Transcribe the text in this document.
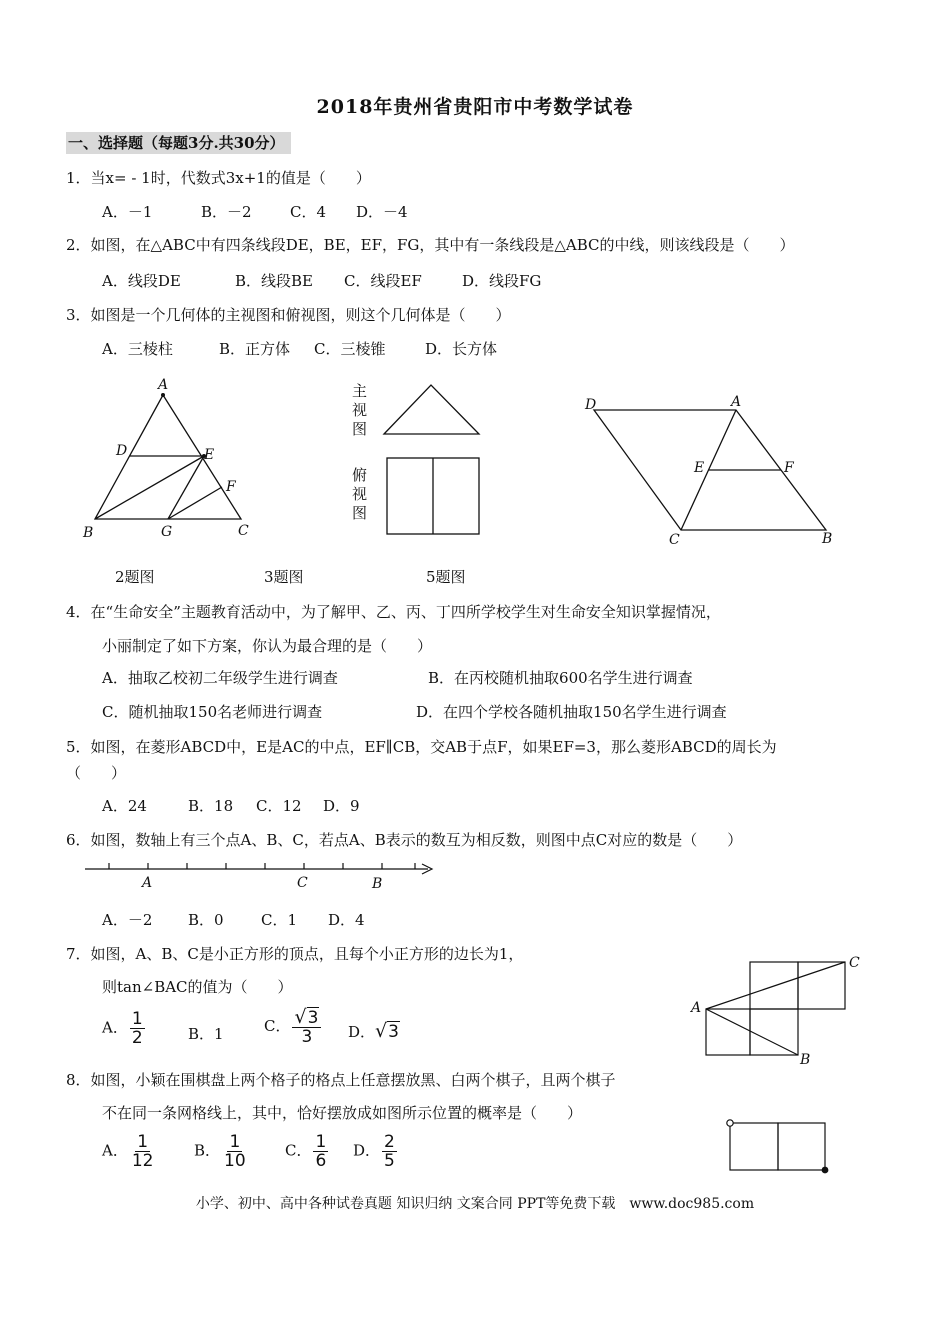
2018年贵州省贵阳市中考数学试卷
一、选择题（每题3分.共30分）
1．当x= - 1时，代数式3x+1的值是（　　）
A．－1	B．－2	C．4 D．－4
2．如图，在△ABC中有四条线段DE，BE，EF，FG，其中有一条线段是△ABC的中线，则该线段是（　　）
A．线段DE	B．线段BE C．线段EF	D．线段FG
3．如图是一个几何体的主视图和俯视图，则这个几何体是（　　）
A．三棱柱	B．正方体 C．三棱锥	D．长方体
A
D	E
F
B	G	C
主
视
图
俯
视
图
D	A
E	F
C	B
2题图	3题图	5题图
4．在“生命安全”主题教育活动中，为了解甲、乙、丙、丁四所学校学生对生命安全知识掌握情况，
小丽制定了如下方案，你认为最合理的是（　　）
A．抽取乙校初二年级学生进行调查	B．在丙校随机抽取600名学生进行调查
C．随机抽取150名老师进行调查	D．在四个学校各随机抽取150名学生进行调查
5．如图，在菱形ABCD中，E是AC的中点，EF∥CB，交AB于点F，如果EF=3，那么菱形ABCD的周长为
（　　）
A．24	B．18 C．12 D．9
6．如图，数轴上有三个点A、B、C，若点A、B表示的数互为相反数，则图中点C对应的数是（　　）
A	C	B
A．－2 B．0 C．1 D．4
7．如图，A、B、C是小正方形的顶点，且每个小正方形的边长为1，
则tan∠BAC的值为（　　）
A． $\frac{1}{2}$	B．1	C． $\frac{√3}{3}$ D．√3
A
B
C
8．如图，小颖在围棋盘上两个格子的格点上任意摆放黑、白两个棋子，且两个棋子
不在同一条网格线上，其中，恰好摆放成如图所示位置的概率是（　　）
A． $\frac{1}{12}$	B． $\frac{1}{10}$ C． $\frac{1}{6}$ D． $\frac{2}{5}$
小学、初中、高中各种试卷真题 知识归纳 文案合同 PPT等免费下载　www.doc985.com
